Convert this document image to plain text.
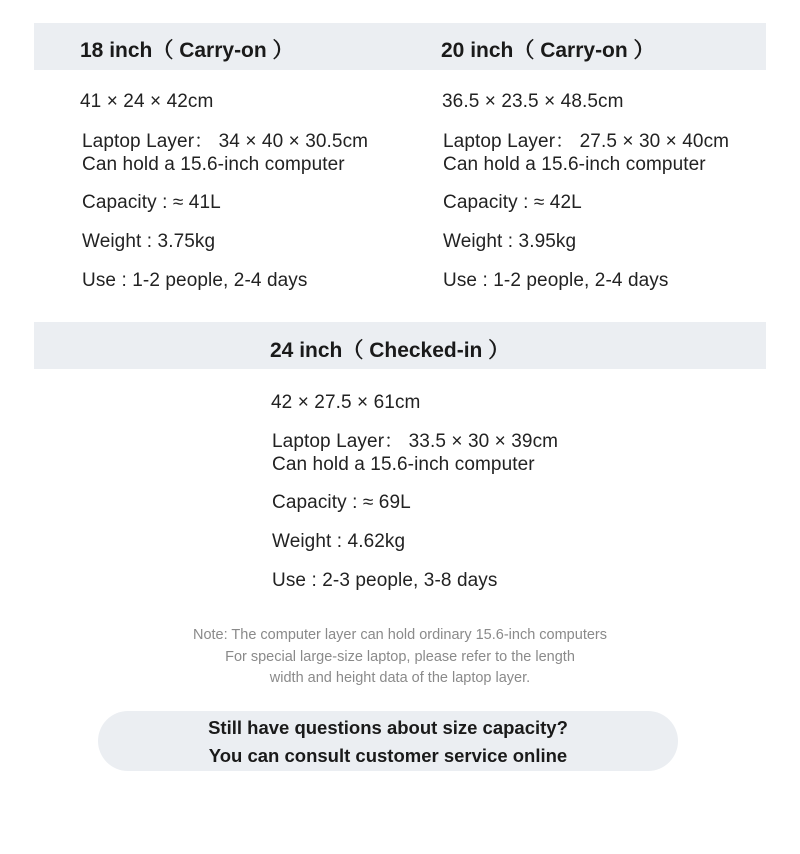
18 inch（ Carry-on ）
41 × 24 × 42cm
Laptop Layer： 34 × 40 × 30.5cm
Can hold a 15.6-inch computer
Capacity : ≈ 41L
Weight : 3.75kg
Use : 1-2 people, 2-4 days
20 inch（ Carry-on ）
36.5 × 23.5 × 48.5cm
Laptop Layer： 27.5 × 30 × 40cm
Can hold a 15.6-inch computer
Capacity : ≈ 42L
Weight : 3.95kg
Use : 1-2 people, 2-4 days
24 inch（ Checked-in ）
42 × 27.5 × 61cm
Laptop Layer： 33.5 × 30 × 39cm
Can hold a 15.6-inch computer
Capacity : ≈ 69L
Weight : 4.62kg
Use : 2-3 people, 3-8 days
Note: The computer layer can hold ordinary 15.6-inch computers
For special large-size laptop, please refer to the length
width and height data of the laptop layer.
Still have questions about size capacity?
You can consult customer service online
